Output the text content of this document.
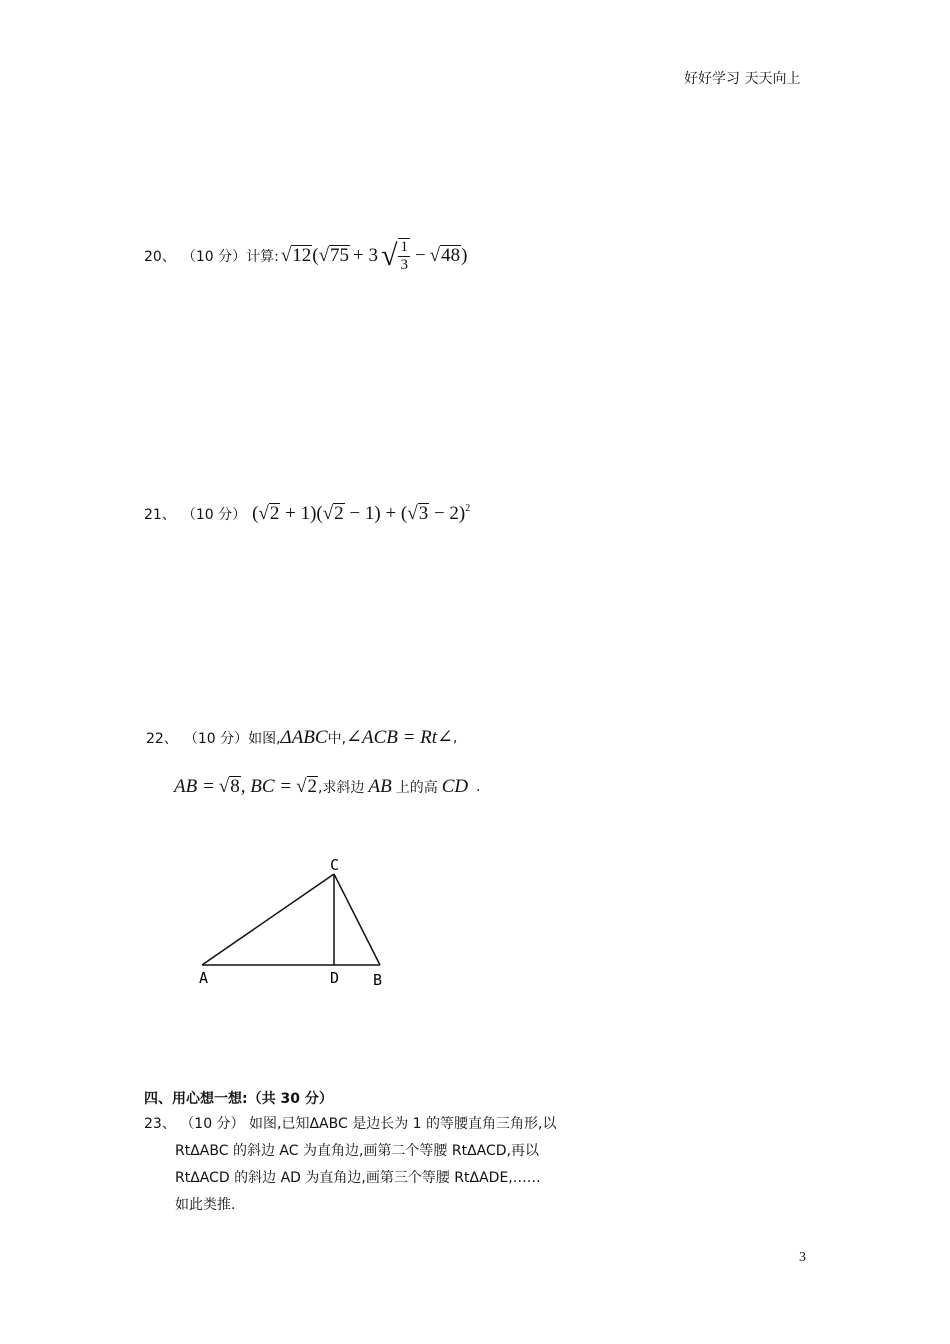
好好学习 天天向上
20、 （10 分） 计算: √ 12 ( √ 75 + 3 √ $\frac{1}{3}$ − √ 48 )
21、 （10 分） ( √ 2 + 1)( √ 2 − 1) + ( √ 3 − 2)$^2$
22、 （10 分） 如图, ΔABC 中, ∠ACB = Rt∠ ,
AB = √ 8 , BC = √ 2 ,求斜边 AB 上的高 CD .
C
A	D B
四、用心想一想:（共 30 分）
23、 （10 分） 如图,已知ΔABC 是边长为 1 的等腰直角三角形,以
RtΔABC 的斜边 AC 为直角边,画第二个等腰 RtΔACD,再以
RtΔACD 的斜边 AD 为直角边,画第三个等腰 RtΔADE,……
如此类推.
3
